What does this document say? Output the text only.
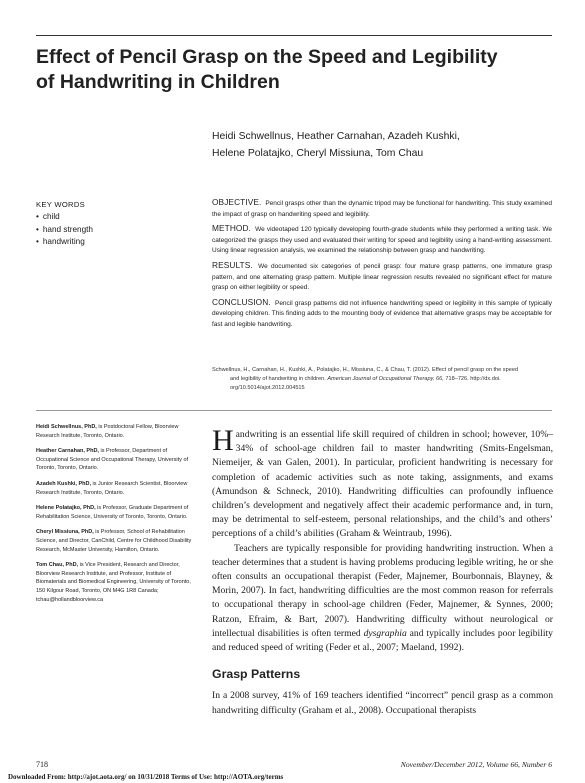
Effect of Pencil Grasp on the Speed and Legibility
of Handwriting in Children
Heidi Schwellnus, Heather Carnahan, Azadeh Kushki,
Helene Polatajko, Cheryl Missiuna, Tom Chau
KEY WORDS
• child
• hand strength
• handwriting

OBJECTIVE. Pencil grasps other than the dynamic tripod may be functional for handwriting. This study examined the impact of grasp on handwriting speed and legibility.

METHOD. We videotaped 120 typically developing fourth-grade students while they performed a writing task. We categorized the grasps they used and evaluated their writing for speed and legibility using a hand-writing assessment. Using linear regression analysis, we examined the relationship between grasp and handwriting.

RESULTS. We documented six categories of pencil grasp: four mature grasp patterns, one immature grasp pattern, and one alternating grasp pattern. Multiple linear regression results revealed no significant effect for mature grasp on either legibility or speed.

CONCLUSION. Pencil grasp patterns did not influence handwriting speed or legibility in this sample of typically developing children. This finding adds to the mounting body of evidence that alternative grasps may be acceptable for fast and legible handwriting.

Schwellnus, H., Carnahan, H., Kushki, A., Polatajko, H., Missiuna, C., & Chau, T. (2012). Effect of pencil grasp on the speed
and legibility of handwriting in children. American Journal of Occupational Therapy, 66, 718–726. http://dx.doi.
org/10.5014/ajot.2012.004515
Heidi Schwellnus, PhD, is Postdoctoral Fellow, Bloorview Research Institute, Toronto, Ontario.
Heather Carnahan, PhD, is Professor, Department of Occupational Science and Occupational Therapy, University of Toronto, Toronto, Ontario.
Azadeh Kushki, PhD, is Junior Research Scientist, Bloorview Research Institute, Toronto, Ontario.
Helene Polatajko, PhD, is Professor, Graduate Department of Rehabilitation Science, University of Toronto, Toronto, Ontario.
Cheryl Missiuna, PhD, is Professor, School of Rehabilitation Science, and Director, CanChild, Centre for Childhood Disability Research, McMaster University, Hamilton, Ontario.
Tom Chau, PhD, is Vice President, Research and Director, Bloorview Research Institute, and Professor, Institute of Biomaterials and Biomedical Engineering, University of Toronto, 150 Kilgour Road, Toronto, ON M4G 1R8 Canada; tchau@hollandbloorview.ca

Handwriting is an essential life skill required of children in school; however, 10%–34% of school-age children fail to master handwriting (Smits-Engelsman, Niemeijer, & van Galen, 2001). In particular, proficient handwriting is necessary for completion of academic activities such as note taking, assignments, and exams (Amundson & Schneck, 2010). Handwriting difficulties can profoundly influence children’s development and negatively affect their academic performance and, in turn, may be detrimental to self-esteem, personal relationships, and the child’s and others’ perceptions of a child’s abilities (Graham & Weintraub, 1996).

Teachers are typically responsible for providing handwriting instruction. When a teacher determines that a student is having problems producing legible writing, he or she often consults an occupational therapist (Feder, Majnemer, Bourbonnais, Blayney, & Morin, 2007). In fact, handwriting difficulties are the most common reason for referrals to occupational therapy in school-age children (Feder, Majnemer, & Synnes, 2000; Ratzon, Efraim, & Bart, 2007). Handwriting difficulty without neurological or intellectual disabilities is often termed dysgraphia and typically includes poor legibility and reduced speed of writing (Feder et al., 2007; Maeland, 1992).

Grasp Patterns

In a 2008 survey, 41% of 169 teachers identified “incorrect” pencil grasp as a common handwriting difficulty (Graham et al., 2008). Occupational therapists

718	November/December 2012, Volume 66, Number 6
Downloaded From: http://ajot.aota.org/ on 10/31/2018 Terms of Use: http://AOTA.org/terms
